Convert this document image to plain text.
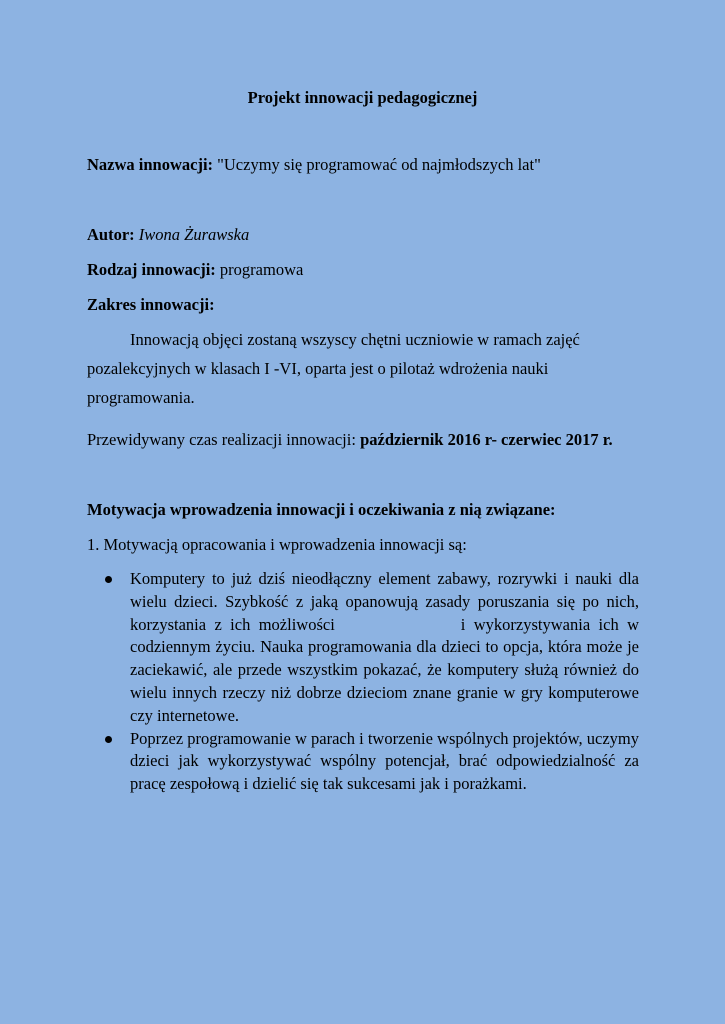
Projekt innowacji pedagogicznej

Nazwa innowacji: "Uczymy się programować od najmłodszych lat"

Autor: Iwona Żurawska

Rodzaj innowacji: programowa

Zakres innowacji:

Innowacją objęci zostaną wszyscy chętni uczniowie w ramach zajęć

pozalekcyjnych w klasach I -VI, oparta jest o pilotaż wdrożenia nauki

programowania.

Przewidywany czas realizacji innowacji: październik 2016 r- czerwiec 2017 r.

Motywacja wprowadzenia innowacji i oczekiwania z nią związane:

1. Motywacją opracowania i wprowadzenia innowacji są:

Komputery to już dziś nieodłączny element zabawy, rozrywki i nauki dla wielu dzieci. Szybkość z jaką opanowują zasady poruszania się po nich, korzystania z ich możliwości	i wykorzystywania ich w codziennym życiu. Nauka programowania dla dzieci to opcja, która może je zaciekawić, ale przede wszystkim pokazać, że komputery służą również do wielu innych rzeczy niż dobrze dzieciom znane granie w gry komputerowe czy internetowe.
Poprzez programowanie w parach i tworzenie wspólnych projektów, uczymy dzieci jak wykorzystywać wspólny potencjał, brać odpowiedzialność za pracę zespołową i dzielić się tak sukcesami jak i porażkami.
